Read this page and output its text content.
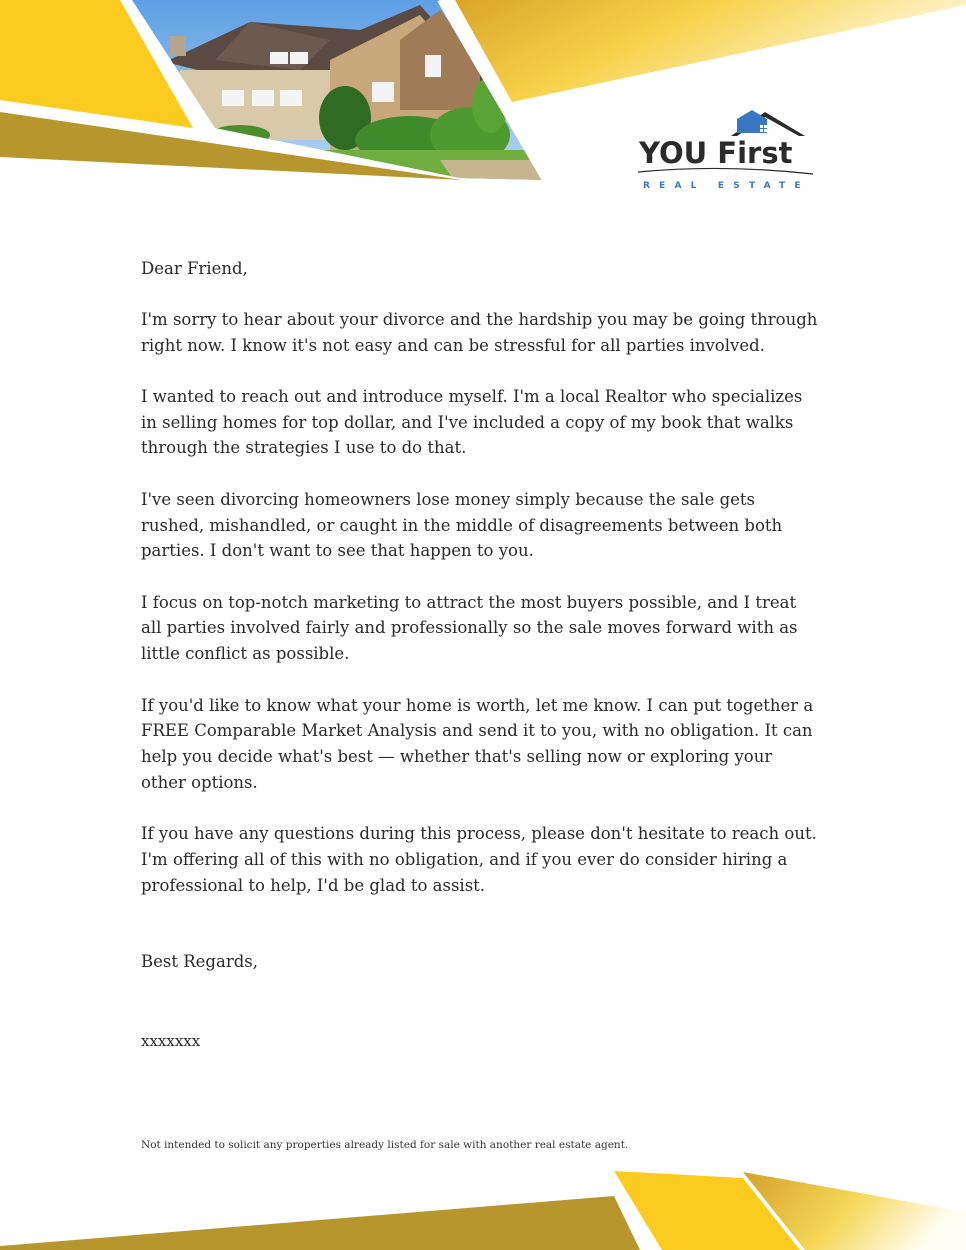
YOU First
REAL ESTATE

Dear Friend,

I'm sorry to hear about your divorce and the hardship you may be going through right now. I know it's not easy and can be stressful for all parties involved.

I wanted to reach out and introduce myself. I'm a local Realtor who specializes in selling homes for top dollar, and I've included a copy of my book that walks through the strategies I use to do that.

I've seen divorcing homeowners lose money simply because the sale gets rushed, mishandled, or caught in the middle of disagreements between both parties. I don't want to see that happen to you.

I focus on top-notch marketing to attract the most buyers possible, and I treat all parties involved fairly and professionally so the sale moves forward with as little conflict as possible.

If you'd like to know what your home is worth, let me know. I can put together a FREE Comparable Market Analysis and send it to you, with no obligation. It can help you decide what's best — whether that's selling now or exploring your other options.

If you have any questions during this process, please don't hesitate to reach out. I'm offering all of this with no obligation, and if you ever do consider hiring a professional to help, I'd be glad to assist.

Best Regards,
xxxxxxx
Not intended to solicit any properties already listed for sale with another real estate agent.
